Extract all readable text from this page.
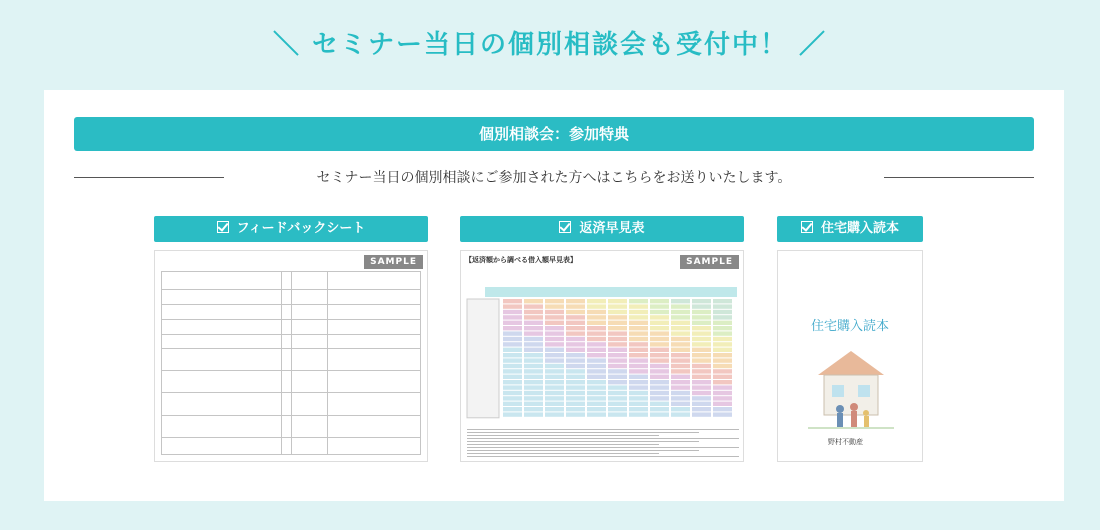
＼ セミナー当日の個別相談会も受付中！ ／
個別相談会：参加特典
セミナー当日の個別相談にご参加された方へはこちらをお送りいたします。
フィードバックシート
SAMPLE
返済早見表
【返済額から調べる借入額早見表】	SAMPLE
住宅購入読本
住宅購入読本
野村不動産
